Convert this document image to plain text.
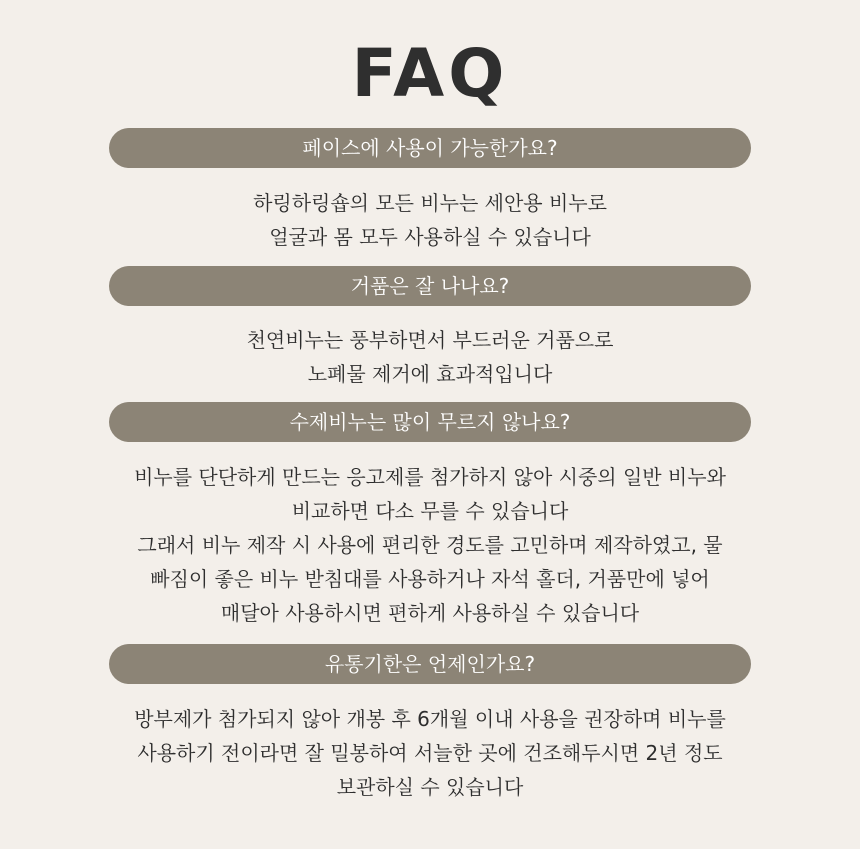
FAQ
페이스에 사용이 가능한가요?
하링하링숍의 모든 비누는 세안용 비누로
얼굴과 몸 모두 사용하실 수 있습니다
거품은 잘 나나요?
천연비누는 풍부하면서 부드러운 거품으로
노폐물 제거에 효과적입니다
수제비누는 많이 무르지 않나요?
비누를 단단하게 만드는 응고제를 첨가하지 않아 시중의 일반 비누와
비교하면 다소 무를 수 있습니다
그래서 비누 제작 시 사용에 편리한 경도를 고민하며 제작하였고, 물
빠짐이 좋은 비누 받침대를 사용하거나 자석 홀더, 거품만에 넣어
매달아 사용하시면 편하게 사용하실 수 있습니다
유통기한은 언제인가요?
방부제가 첨가되지 않아 개봉 후 6개월 이내 사용을 권장하며 비누를
사용하기 전이라면 잘 밀봉하여 서늘한 곳에 건조해두시면 2년 정도
보관하실 수 있습니다
